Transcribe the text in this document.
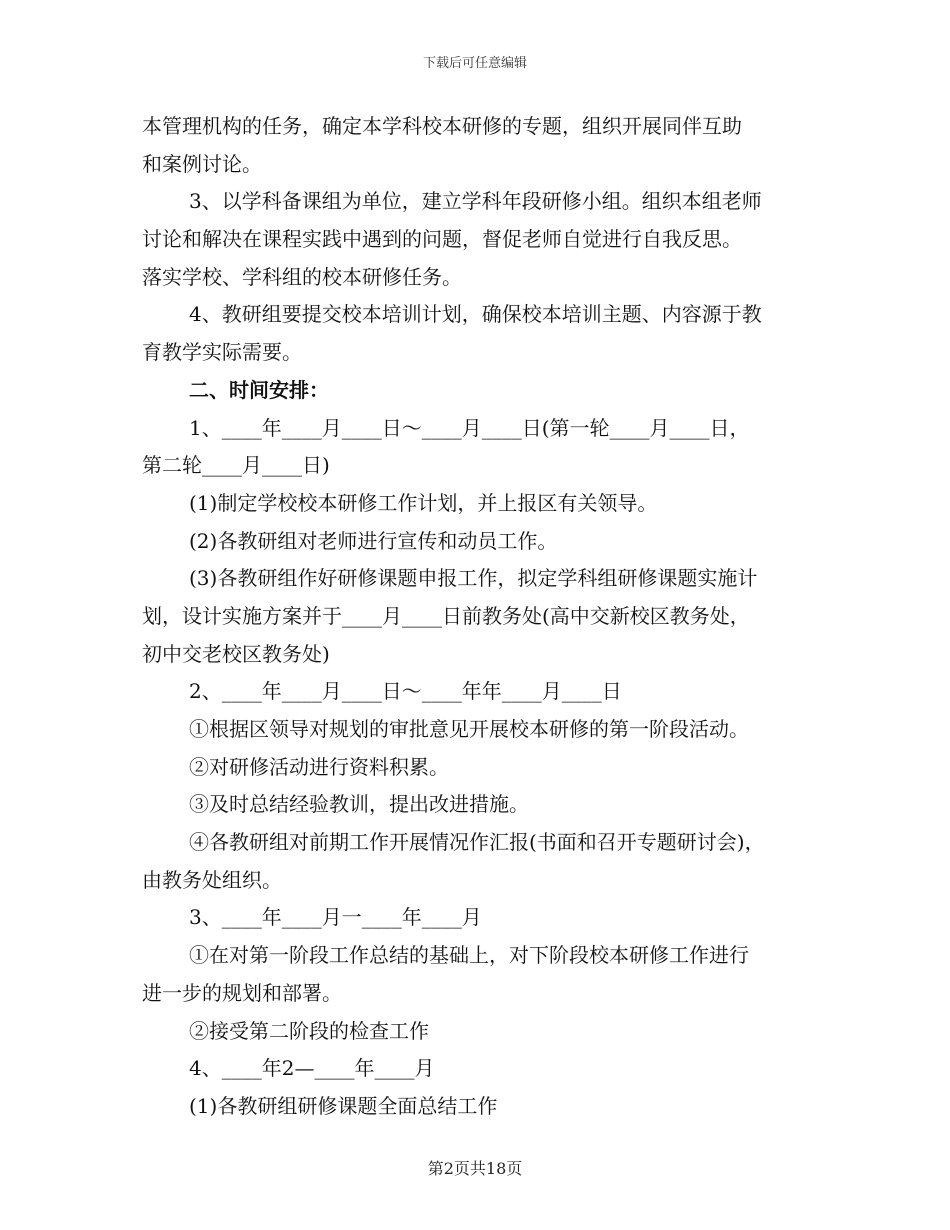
下载后可任意编辑
本管理机构的任务，确定本学科校本研修的专题，组织开展同伴互助
和案例讨论。
3、以学科备课组为单位，建立学科年段研修小组。组织本组老师
讨论和解决在课程实践中遇到的问题，督促老师自觉进行自我反思。
落实学校、学科组的校本研修任务。
4、教研组要提交校本培训计划，确保校本培训主题、内容源于教
育教学实际需要。
二、时间安排：
1、____年____月____日～____月____日(第一轮____月____日，
第二轮____月____日)
(1)制定学校校本研修工作计划，并上报区有关领导。
(2)各教研组对老师进行宣传和动员工作。
(3)各教研组作好研修课题申报工作，拟定学科组研修课题实施计
划，设计实施方案并于____月____日前教务处(高中交新校区教务处，
初中交老校区教务处)
2、____年____月____日～____年年____月____日
①根据区领导对规划的审批意见开展校本研修的第一阶段活动。
②对研修活动进行资料积累。
③及时总结经验教训，提出改进措施。
④各教研组对前期工作开展情况作汇报(书面和召开专题研讨会)，
由教务处组织。
3、____年____月一____年____月
①在对第一阶段工作总结的基础上，对下阶段校本研修工作进行
进一步的规划和部署。
②接受第二阶段的检查工作
4、____年2—____年____月
(1)各教研组研修课题全面总结工作
第2页共18页
